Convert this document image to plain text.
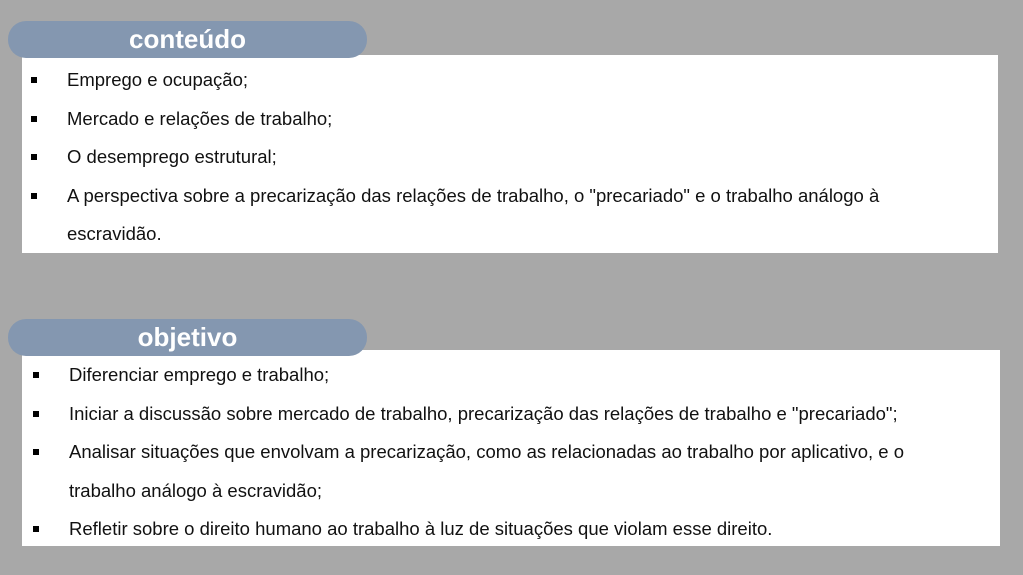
Emprego e ocupação;
Mercado e relações de trabalho;
O desemprego estrutural;
A perspectiva sobre a precarização das relações de trabalho, o "precariado" e o trabalho análogo à escravidão.
conteúdo
Diferenciar emprego e trabalho;
Iniciar a discussão sobre mercado de trabalho, precarização das relações de trabalho e "precariado";
Analisar situações que envolvam a precarização, como as relacionadas ao trabalho por aplicativo, e o trabalho análogo à escravidão;
Refletir sobre o direito humano ao trabalho à luz de situações que violam esse direito.
objetivo
